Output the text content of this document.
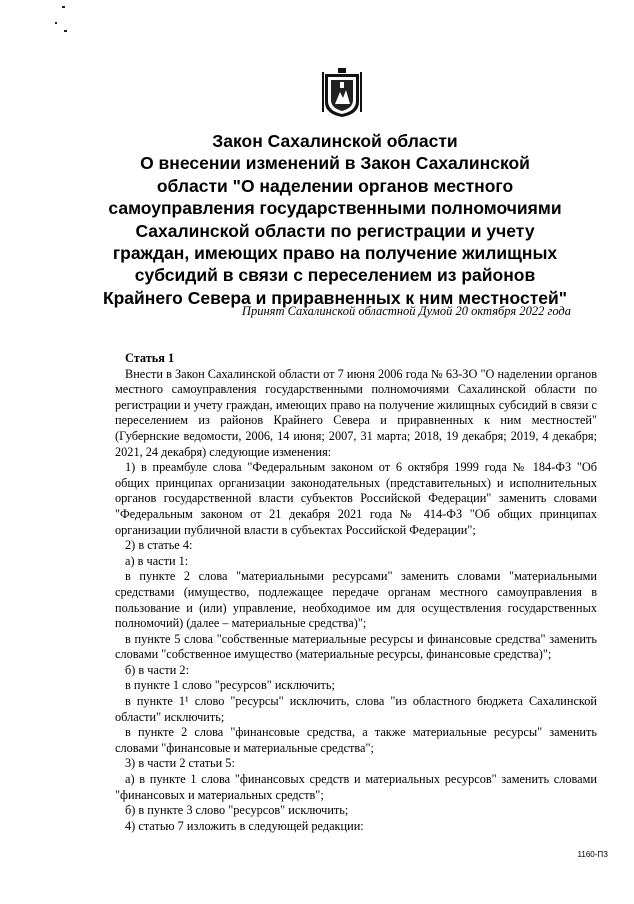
Закон Сахалинской области
О внесении изменений в Закон Сахалинской
области "О наделении органов местного
самоуправления государственными полномочиями
Сахалинской области по регистрации и учету
граждан, имеющих право на получение жилищных
субсидий в связи с переселением из районов
Крайнего Севера и приравненных к ним местностей"
Принят Сахалинской областной Думой 20 октября 2022 года
Статья 1

Внести в Закон Сахалинской области от 7 июня 2006 года № 63-ЗО "О наделении органов местного самоуправления государственными полномочиями Сахалинской области по регистрации и учету граждан, имеющих право на получение жилищных субсидий в связи с переселением из районов Крайнего Севера и приравненных к ним местностей" (Губернские ведомости, 2006, 14 июня; 2007, 31 марта; 2018, 19 декабря; 2019, 4 декабря; 2021, 24 декабря) следующие изменения:

1) в преамбуле слова "Федеральным законом от 6 октября 1999 года № 184-ФЗ "Об общих принципах организации законодательных (представительных) и исполнительных органов государственной власти субъектов Российской Федерации" заменить словами "Федеральным законом от 21 декабря 2021 года № 414-ФЗ "Об общих принципах организации публичной власти в субъектах Российской Федерации";

2) в статье 4:

а) в части 1:

в пункте 2 слова "материальными ресурсами" заменить словами "материальными средствами (имущество, подлежащее передаче органам местного самоуправления в пользование и (или) управление, необходимое им для осуществления государственных полномочий) (далее – материальные средства)";

в пункте 5 слова "собственные материальные ресурсы и финансовые средства" заменить словами "собственное имущество (материальные ресурсы, финансовые средства)";

б) в части 2:

в пункте 1 слово "ресурсов" исключить;

в пункте 1¹ слово "ресурсы" исключить, слова "из областного бюджета Сахалинской области" исключить;

в пункте 2 слова "финансовые средства, а также материальные ресурсы" заменить словами "финансовые и материальные средства";

3) в части 2 статьи 5:

а) в пункте 1 слова "финансовых средств и материальных ресурсов" заменить словами "финансовых и материальных средств";

б) в пункте 3 слово "ресурсов" исключить;

4) статью 7 изложить в следующей редакции:

1160-ПЗ
